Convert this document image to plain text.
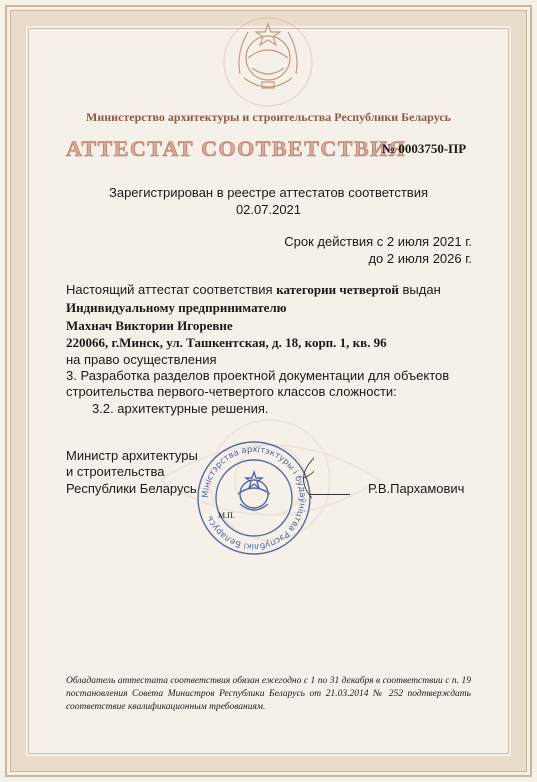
Министерство архитектуры и строительства Республики Беларусь
АТТЕСТАТ СООТВЕТСТВИЯ
№ 0003750-ПР
Зарегистрирован в реестре аттестатов соответствия
02.07.2021
Срок действия с 2 июля 2021 г.
до 2 июля 2026 г.
Настоящий аттестат соответствия категории четвертой выдан
Индивидуальному предпринимателю
Махнач Виктории Игоревне
220066, г.Минск, ул. Ташкентская, д. 18, корп. 1, кв. 96
на право осуществления
3. Разработка разделов проектной документации для объектов
строительства первого-четвертого классов сложности:
3.2. архитектурные решения.
Министр архитектуры
и строительства
Республики Беларусь Міністэрства архітэктуры і будаўніцтва Рэспублікі Беларусь М.П.
Р.В.Пархамович
Обладатель аттестата соответствия обязан ежегодно с 1 по 31 декабря в соответствии с п. 19 постановления Совета Министров Республики Беларусь от 21.03.2014 № 252 подтверждать соответствие квалификационным требованиям.
